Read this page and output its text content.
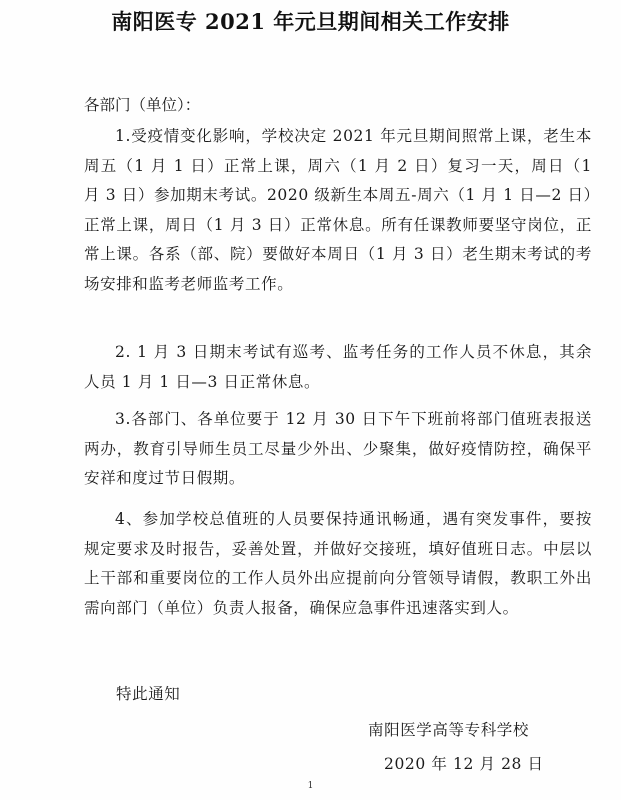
南阳医专 2021 年元旦期间相关工作安排
各部门（单位）：
1.受疫情变化影响，学校决定 2021 年元旦期间照常上课，老生本周五（1 月 1 日）正常上课，周六（1 月 2 日）复习一天，周日（1 月 3 日）参加期末考试。2020 级新生本周五-周六（1 月 1 日—2 日）正常上课，周日（1 月 3 日）正常休息。所有任课教师要坚守岗位，正常上课。各系（部、院）要做好本周日（1 月 3 日）老生期末考试的考场安排和监考老师监考工作。
2. 1 月 3 日期末考试有巡考、监考任务的工作人员不休息，其余人员 1 月 1 日—3 日正常休息。
3.各部门、各单位要于 12 月 30 日下午下班前将部门值班表报送两办，教育引导师生员工尽量少外出、少聚集，做好疫情防控，确保平安祥和度过节日假期。
4、参加学校总值班的人员要保持通讯畅通，遇有突发事件，要按规定要求及时报告，妥善处置，并做好交接班，填好值班日志。中层以上干部和重要岗位的工作人员外出应提前向分管领导请假，教职工外出需向部门（单位）负责人报备，确保应急事件迅速落实到人。
特此通知
南阳医学高等专科学校
2020 年 12 月 28 日
1
